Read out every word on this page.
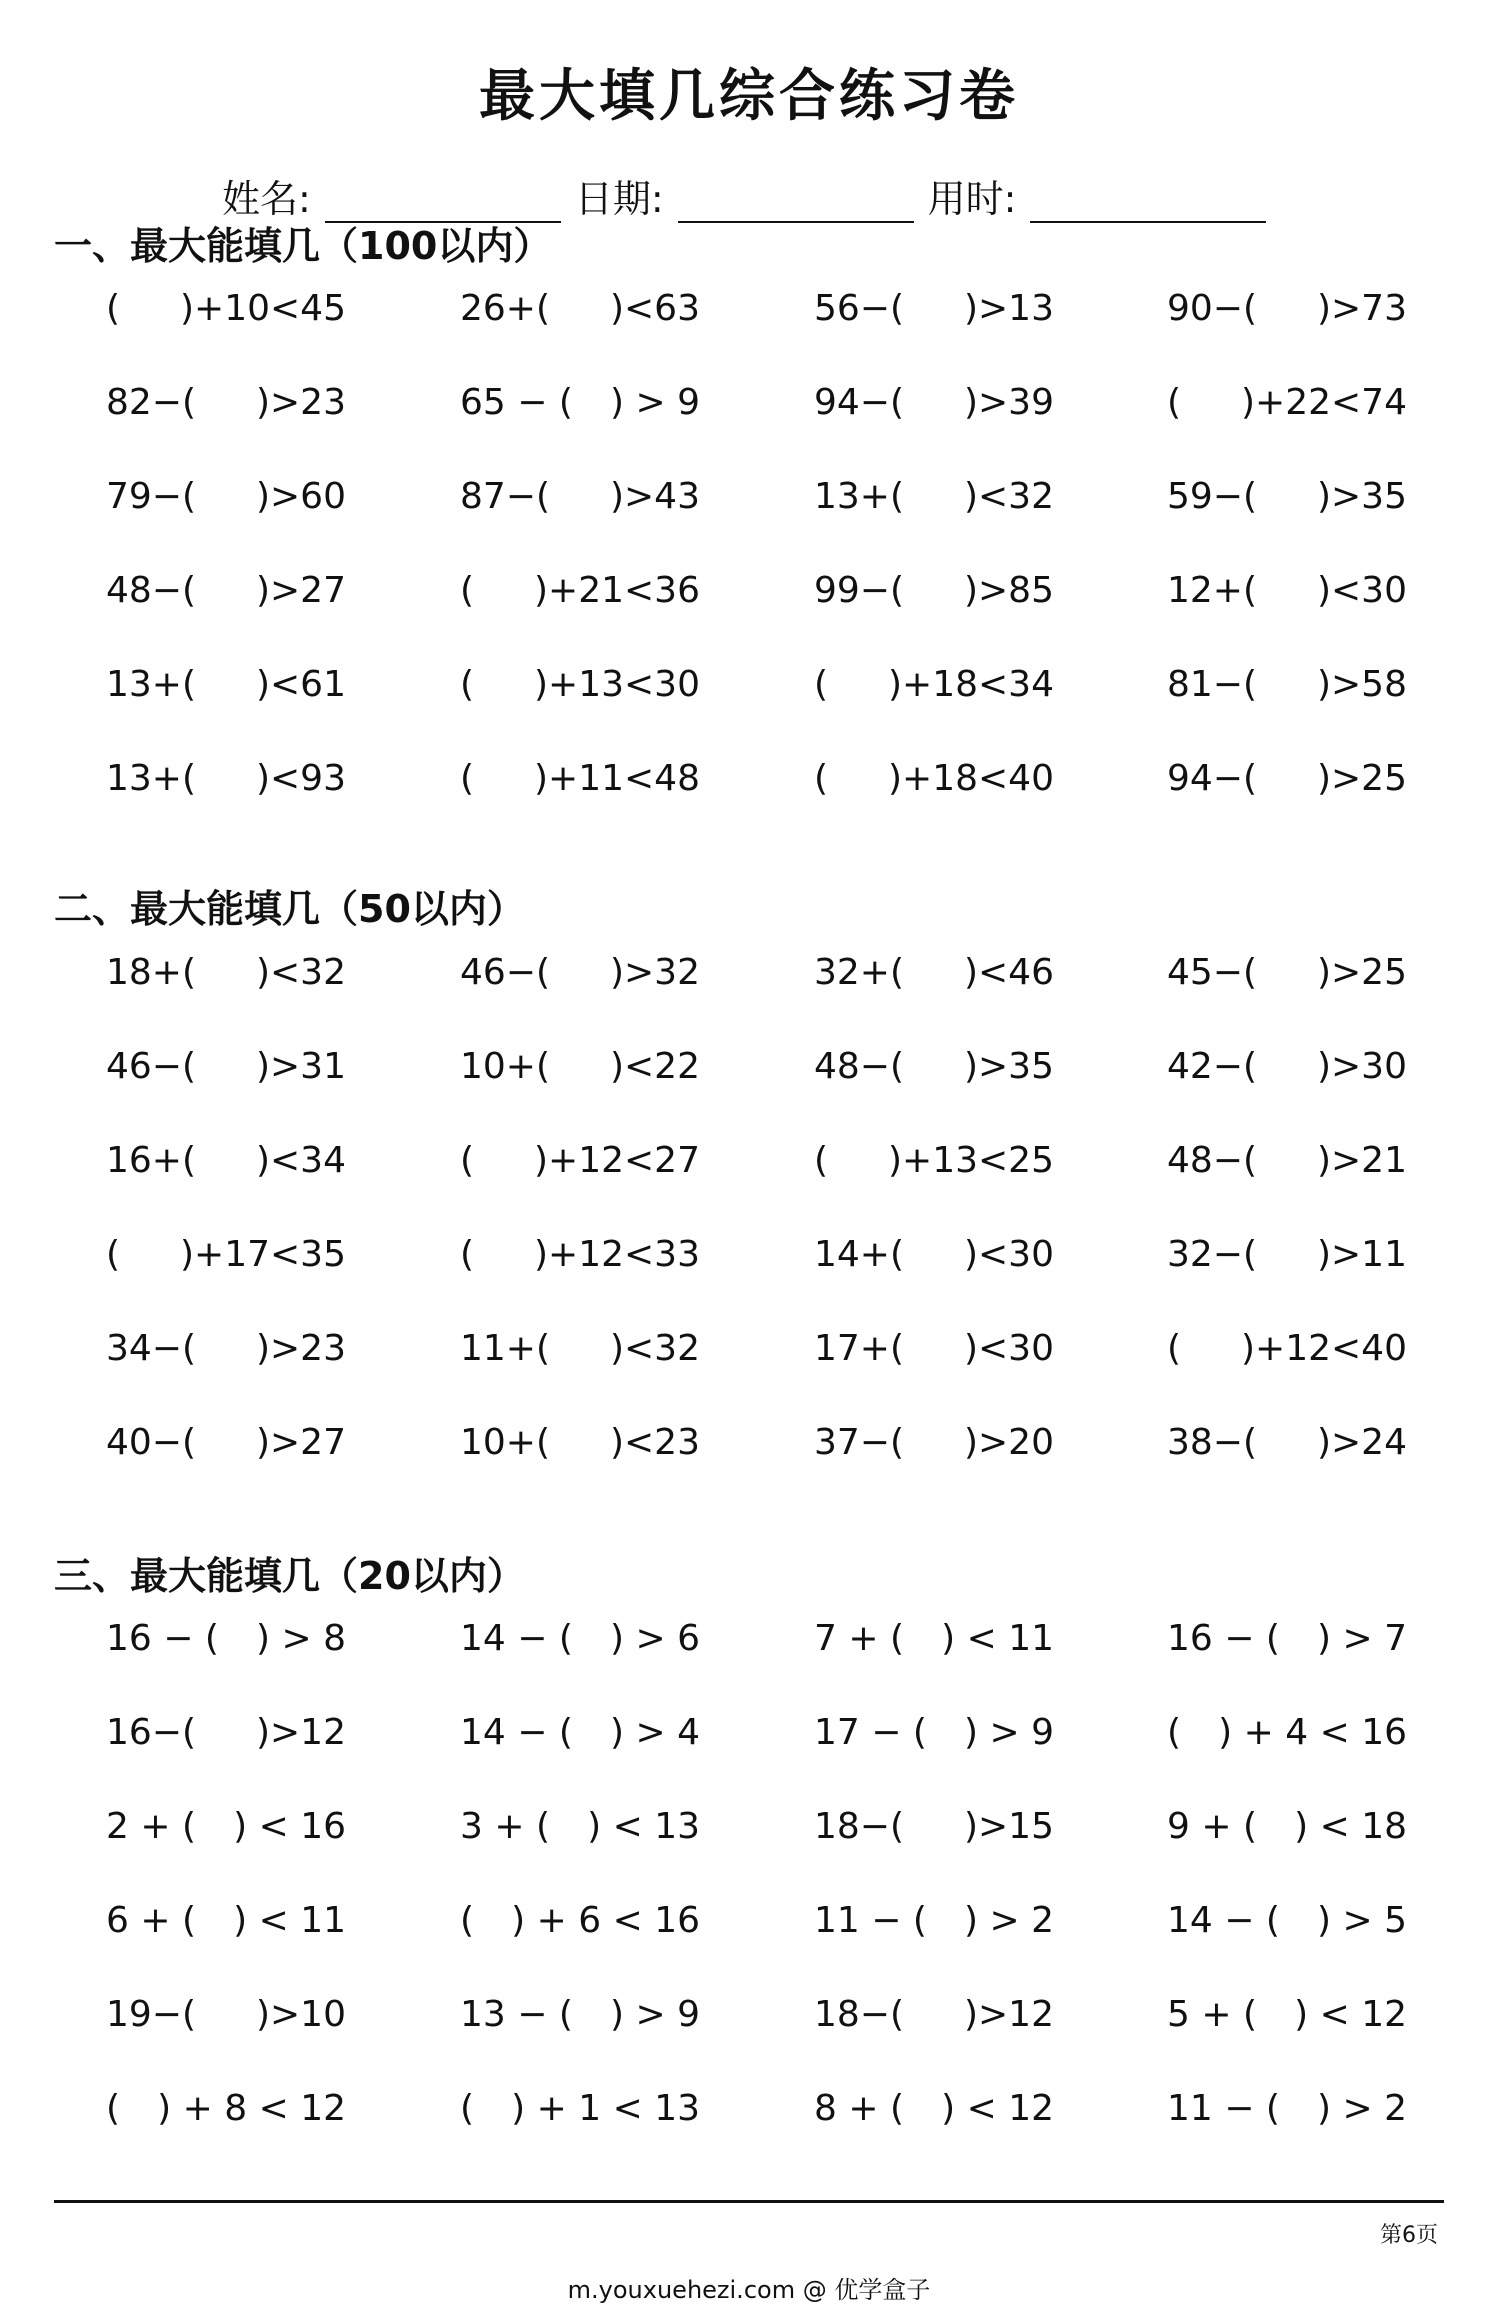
最大填几综合练习卷
姓名:	日期:	用时:
一、最大能填几（100以内）
( )+10<45	26+( )<63	56−( )>13	90−( )>73
82−( )>23	65 − ( ) > 9	94−( )>39	( )+22<74
79−( )>60	87−( )>43	13+( )<32	59−( )>35
48−( )>27	( )+21<36	99−( )>85	12+( )<30
13+( )<61	( )+13<30	( )+18<34	81−( )>58
13+( )<93	( )+11<48	( )+18<40	94−( )>25
二、最大能填几（50以内）
18+( )<32	46−( )>32	32+( )<46	45−( )>25
46−( )>31	10+( )<22	48−( )>35	42−( )>30
16+( )<34	( )+12<27	( )+13<25	48−( )>21
( )+17<35	( )+12<33	14+( )<30	32−( )>11
34−( )>23	11+( )<32	17+( )<30	( )+12<40
40−( )>27	10+( )<23	37−( )>20	38−( )>24
三、最大能填几（20以内）
16 − ( ) > 8	14 − ( ) > 6	7 + ( ) < 11	16 − ( ) > 7
16−( )>12	14 − ( ) > 4	17 − ( ) > 9	( ) + 4 < 16
2 + ( ) < 16	3 + ( ) < 13	18−( )>15	9 + ( ) < 18
6 + ( ) < 11	( ) + 6 < 16	11 − ( ) > 2	14 − ( ) > 5
19−( )>10	13 − ( ) > 9	18−( )>12	5 + ( ) < 12
( ) + 8 < 12	( ) + 1 < 13	8 + ( ) < 12	11 − ( ) > 2
第6页
m.youxuehezi.com @ 优学盒子
